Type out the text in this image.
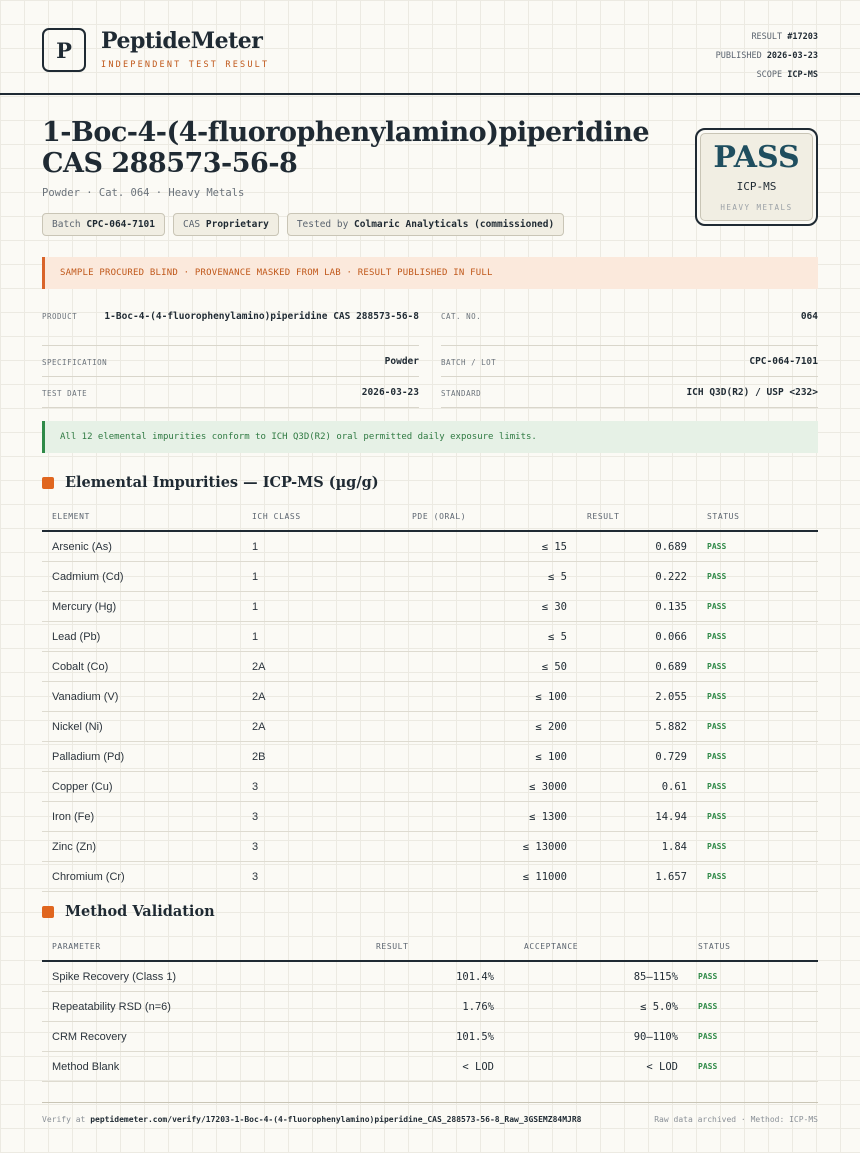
P	PeptideMeter
INDEPENDENT TEST RESULT
RESULT #17203
PUBLISHED 2026-03-23
SCOPE ICP-MS
1-Boc-4-(4-fluorophenylamino)piperidine CAS 288573-56-8
Powder · Cat. 064 · Heavy Metals
Batch CPC-064-7101	CAS Proprietary	Tested by Colmaric Analyticals (commissioned)
PASS
ICP-MS
HEAVY METALS
SAMPLE PROCURED BLIND · PROVENANCE MASKED FROM LAB · RESULT PUBLISHED IN FULL
PRODUCT	1-Boc-4-(4-fluorophenylamino)piperidine CAS 288573-56-8	CAT. NO.	064
SPECIFICATION	Powder	BATCH / LOT	CPC-064-7101
TEST DATE	2026-03-23	STANDARD	ICH Q3D(R2) / USP <232>
All 12 elemental impurities conform to ICH Q3D(R2) oral permitted daily exposure limits.
Elemental Impurities — ICP-MS (µg/g)
ELEMENT	ICH CLASS	PDE (ORAL)	RESULT	STATUS
Arsenic (As)	1	≤ 15	0.689	PASS
Cadmium (Cd)	1	≤ 5	0.222	PASS
Mercury (Hg)	1	≤ 30	0.135	PASS
Lead (Pb)	1	≤ 5	0.066	PASS
Cobalt (Co)	2A	≤ 50	0.689	PASS
Vanadium (V)	2A	≤ 100	2.055	PASS
Nickel (Ni)	2A	≤ 200	5.882	PASS
Palladium (Pd)	2B	≤ 100	0.729	PASS
Copper (Cu)	3	≤ 3000	0.61	PASS
Iron (Fe)	3	≤ 1300	14.94	PASS
Zinc (Zn)	3	≤ 13000	1.84	PASS
Chromium (Cr)	3	≤ 11000	1.657	PASS
Method Validation
PARAMETER	RESULT	ACCEPTANCE	STATUS
Spike Recovery (Class 1)	101.4%	85–115%	PASS
Repeatability RSD (n=6)	1.76%	≤ 5.0%	PASS
CRM Recovery	101.5%	90–110%	PASS
Method Blank	< LOD	< LOD	PASS
Verify at peptidemeter.com/verify/17203-1-Boc-4-(4-fluorophenylamino)piperidine_CAS_288573-56-8_Raw_3GSEMZ84MJR8	Raw data archived · Method: ICP-MS
